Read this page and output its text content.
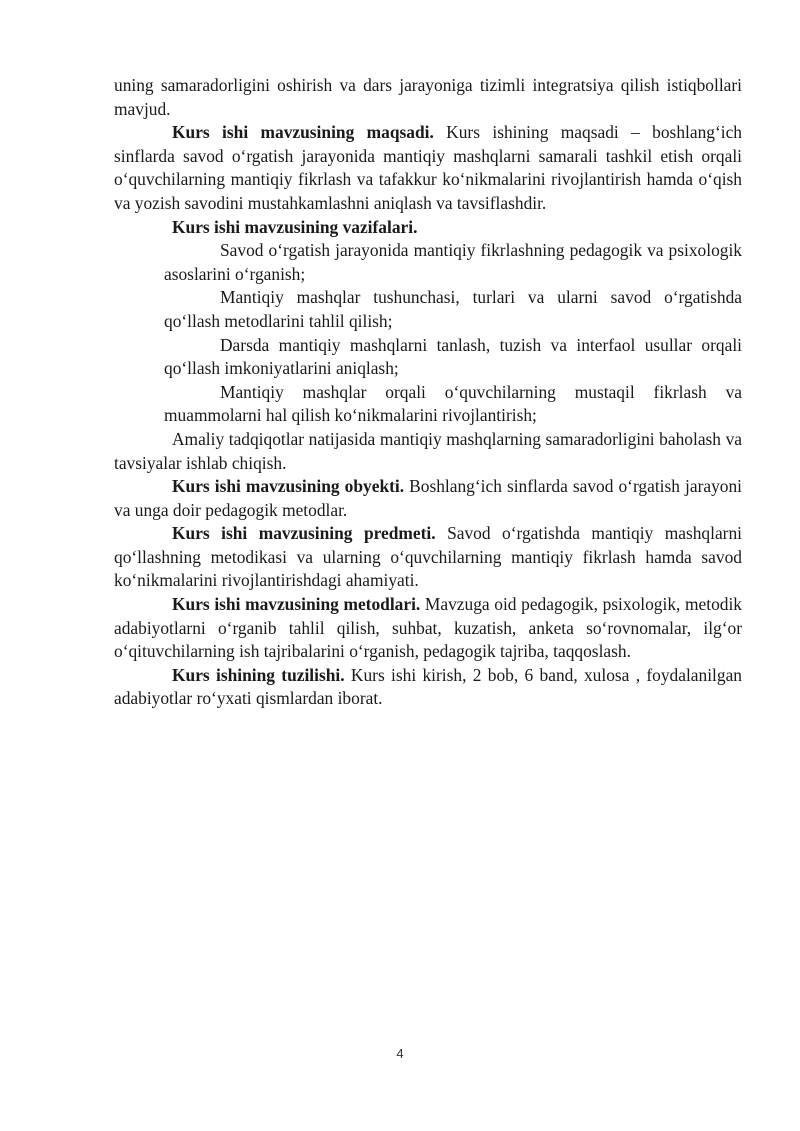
uning samaradorligini oshirish va dars jarayoniga tizimli integratsiya qilish istiqbollari mavjud.

Kurs ishi mavzusining maqsadi. Kurs ishining maqsadi – boshlang‘ich sinflarda savod o‘rgatish jarayonida mantiqiy mashqlarni samarali tashkil etish orqali o‘quvchilarning mantiqiy fikrlash va tafakkur ko‘nikmalarini rivojlantirish hamda o‘qish va yozish savodini mustahkamlashni aniqlash va tavsiflashdir.

Kurs ishi mavzusining vazifalari.

Savod o‘rgatish jarayonida mantiqiy fikrlashning pedagogik va psixologik asoslarini o‘rganish;

Mantiqiy mashqlar tushunchasi, turlari va ularni savod o‘rgatishda qo‘llash metodlarini tahlil qilish;

Darsda mantiqiy mashqlarni tanlash, tuzish va interfaol usullar orqali qo‘llash imkoniyatlarini aniqlash;

Mantiqiy mashqlar orqali o‘quvchilarning mustaqil fikrlash va muammolarni hal qilish ko‘nikmalarini rivojlantirish;

Amaliy tadqiqotlar natijasida mantiqiy mashqlarning samaradorligini baholash va tavsiyalar ishlab chiqish.

Kurs ishi mavzusining obyekti. Boshlang‘ich sinflarda savod o‘rgatish jarayoni va unga doir pedagogik metodlar.

Kurs ishi mavzusining predmeti. Savod o‘rgatishda mantiqiy mashqlarni qo‘llashning metodikasi va ularning o‘quvchilarning mantiqiy fikrlash hamda savod ko‘nikmalarini rivojlantirishdagi ahamiyati.

Kurs ishi mavzusining metodlari. Mavzuga oid pedagogik, psixologik, metodik adabiyotlarni o‘rganib tahlil qilish, suhbat, kuzatish, anketa so‘rovnomalar, ilg‘or o‘qituvchilarning ish tajribalarini o‘rganish, pedagogik tajriba, taqqoslash.

Kurs ishining tuzilishi. Kurs ishi kirish, 2 bob, 6 band, xulosa , foydalanilgan adabiyotlar ro‘yxati qismlardan iborat.

4
